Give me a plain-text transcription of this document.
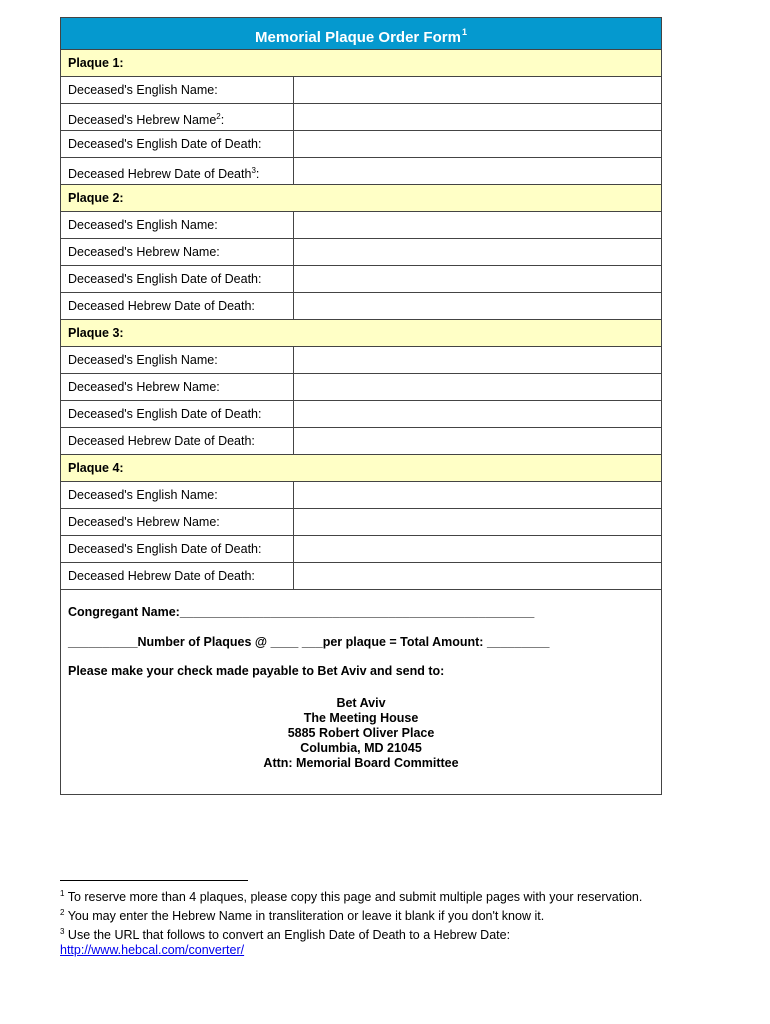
Memorial Plaque Order Form$^1$
Plaque 1:
Deceased's English Name:
Deceased's Hebrew Name$^2$:
Deceased's English Date of Death:
Deceased Hebrew Date of Death$^3$:
Plaque 2:
Deceased's English Name:
Deceased's Hebrew Name:
Deceased's English Date of Death:
Deceased Hebrew Date of Death:
Plaque 3:
Deceased's English Name:
Deceased's Hebrew Name:
Deceased's English Date of Death:
Deceased Hebrew Date of Death:
Plaque 4:
Deceased's English Name:
Deceased's Hebrew Name:
Deceased's English Date of Death:
Deceased Hebrew Date of Death:
Congregant Name:___________________________________________________
__________Number of Plaques @ ____ ___per plaque = Total Amount: _________
Please make your check made payable to Bet Aviv and send to:
Bet Aviv
The Meeting House
5885 Robert Oliver Place
Columbia, MD 21045
Attn: Memorial Board Committee
$^1$ To reserve more than 4 plaques, please copy this page and submit multiple pages with your reservation.
$^2$ You may enter the Hebrew Name in transliteration or leave it blank if you don't know it.
$^3$ Use the URL that follows to convert an English Date of Death to a Hebrew Date:
http://www.hebcal.com/converter/
